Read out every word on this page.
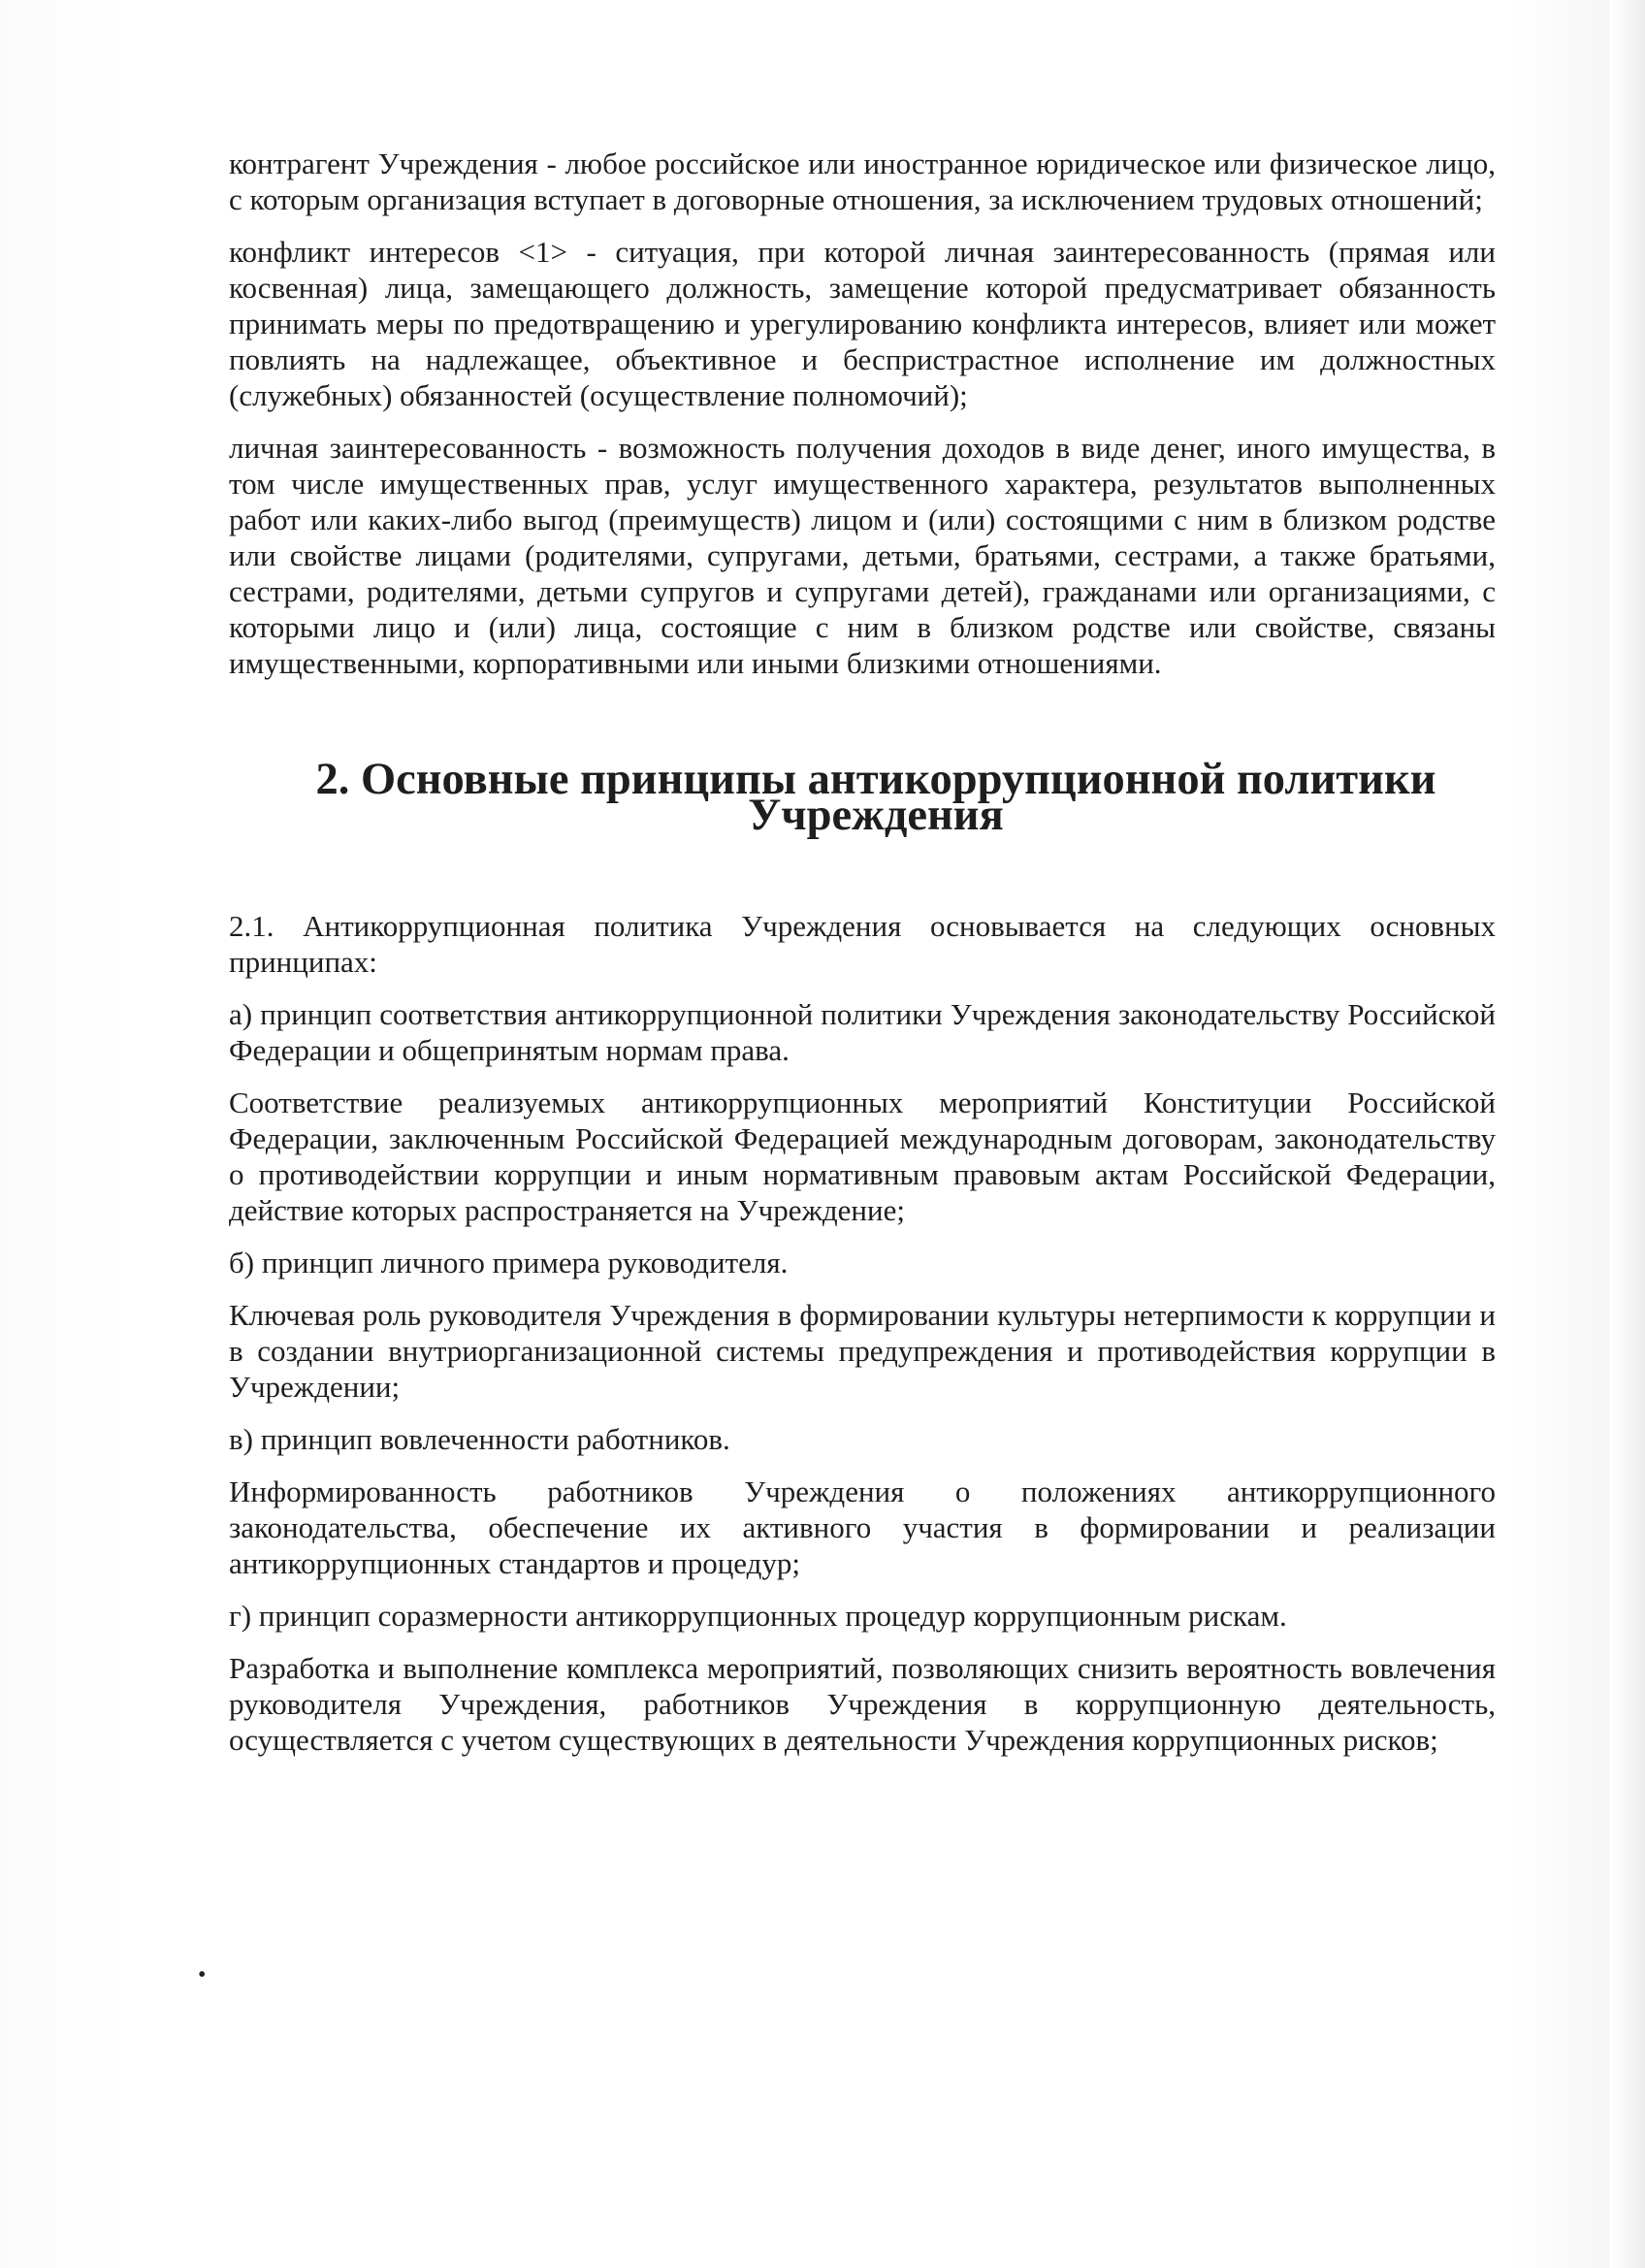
контрагент Учреждения - любое российское или иностранное юридическое или физическое лицо, с которым организация вступает в договорные отношения, за исключением трудовых отношений;

конфликт интересов <1> - ситуация, при которой личная заинтересованность (прямая или косвенная) лица, замещающего должность, замещение которой предусматривает обязанность принимать меры по предотвращению и урегулированию конфликта интересов, влияет или может повлиять на надлежащее, объективное и беспристрастное исполнение им должностных (служебных) обязанностей (осуществление полномочий);

личная заинтересованность - возможность получения доходов в виде денег, иного имущества, в том числе имущественных прав, услуг имущественного характера, результатов выполненных работ или каких-либо выгод (преимуществ) лицом и (или) состоящими с ним в близком родстве или свойстве лицами (родителями, супругами, детьми, братьями, сестрами, а также братьями, сестрами, родителями, детьми супругов и супругами детей), гражданами или организациями, с которыми лицо и (или) лица, состоящие с ним в близком родстве или свойстве, связаны имущественными, корпоративными или иными близкими отношениями.

2. Основные принципы антикоррупционной политики Учреждения

2.1. Антикоррупционная политика Учреждения основывается на следующих основных принципах:

а) принцип соответствия антикоррупционной политики Учреждения законодательству Российской Федерации и общепринятым нормам права.

Соответствие реализуемых антикоррупционных мероприятий Конституции Российской Федерации, заключенным Российской Федерацией международным договорам, законодательству о противодействии коррупции и иным нормативным правовым актам Российской Федерации, действие которых распространяется на Учреждение;

б) принцип личного примера руководителя.

Ключевая роль руководителя Учреждения в формировании культуры нетерпимости к коррупции и в создании внутриорганизационной системы предупреждения и противодействия коррупции в Учреждении;

в) принцип вовлеченности работников.

Информированность работников Учреждения о положениях антикоррупционного законодательства, обеспечение их активного участия в формировании и реализации антикоррупционных стандартов и процедур;

г) принцип соразмерности антикоррупционных процедур коррупционным рискам.

Разработка и выполнение комплекса мероприятий, позволяющих снизить вероятность вовлечения руководителя Учреждения, работников Учреждения в коррупционную деятельность, осуществляется с учетом существующих в деятельности Учреждения коррупционных рисков;

•
